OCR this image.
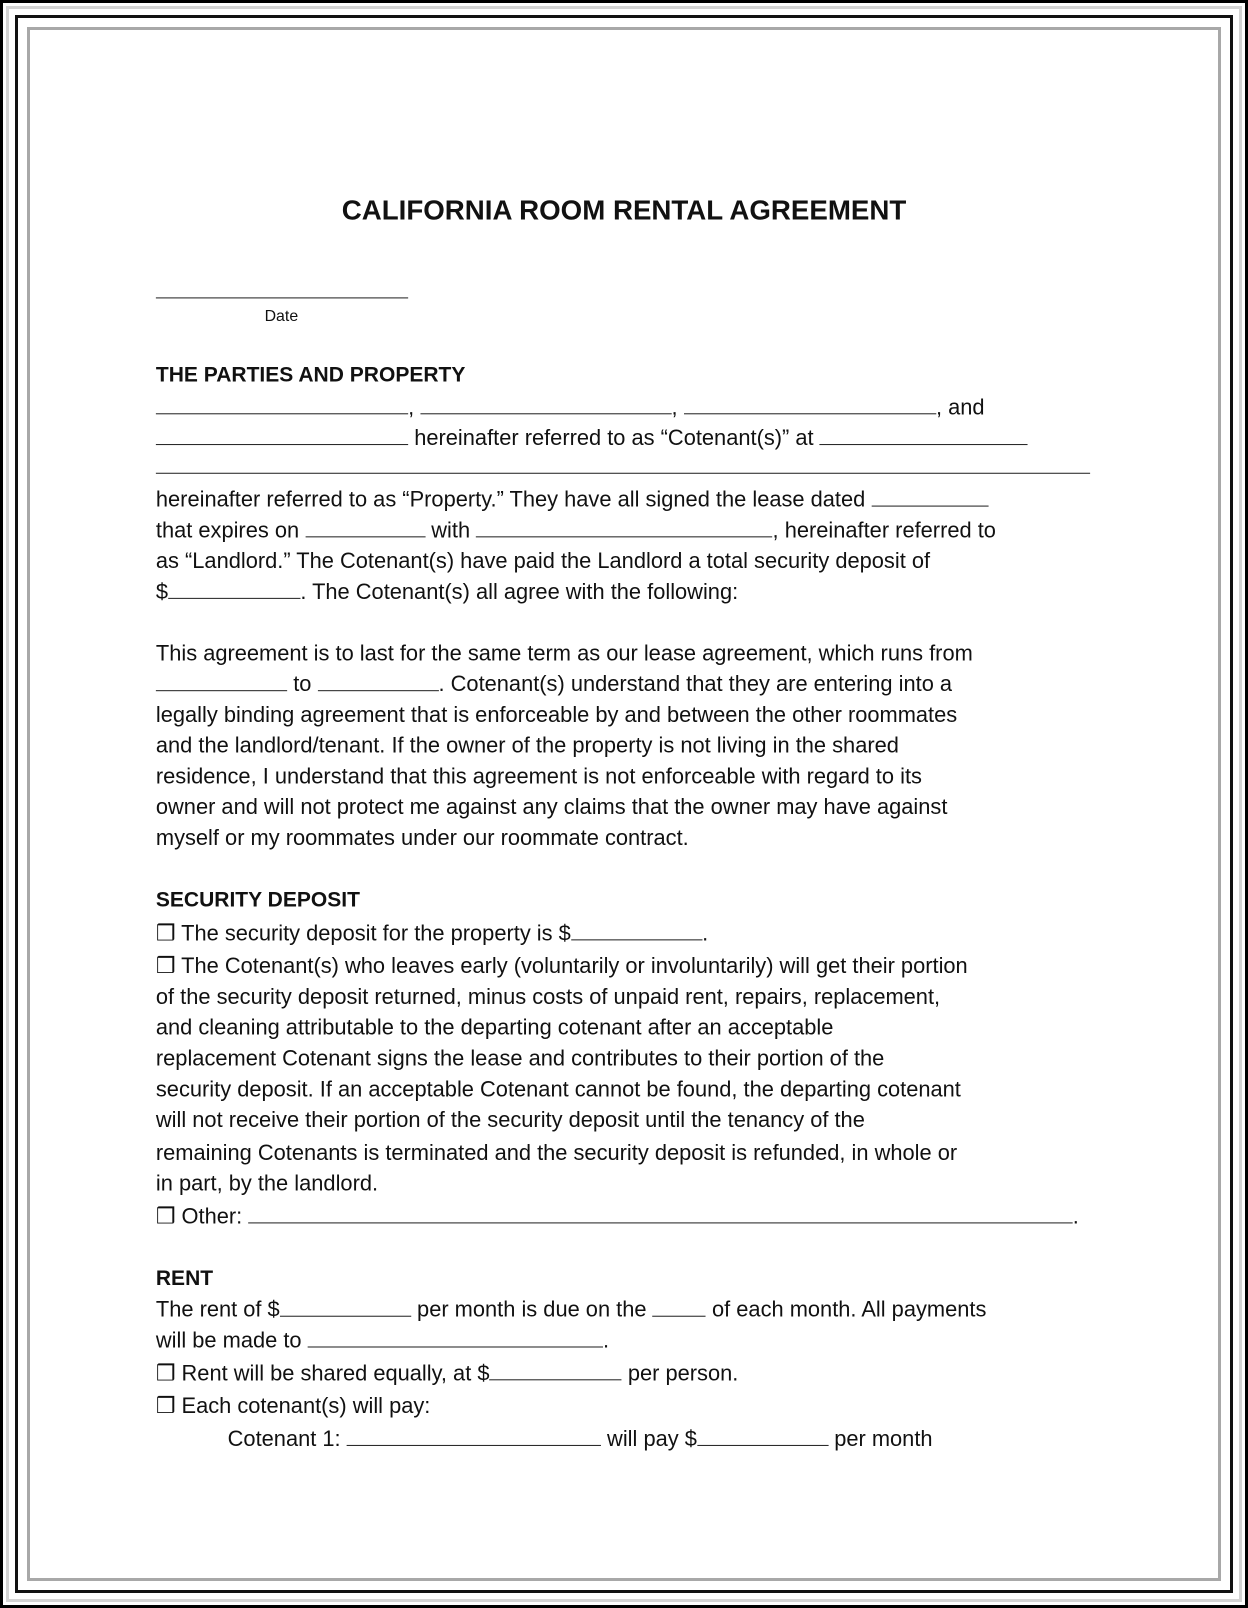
CALIFORNIA ROOM RENTAL AGREEMENT
Date
THE PARTIES AND PROPERTY
,	,	, and
hereinafter referred to as “Cotenant(s)” at
hereinafter referred to as “Property.” They have all signed the lease dated
that expires on	with	, hereinafter referred to
as “Landlord.” The Cotenant(s) have paid the Landlord a total security deposit of
$	. The Cotenant(s) all agree with the following:
This agreement is to last for the same term as our lease agreement, which runs from
to	. Cotenant(s) understand that they are entering into a
legally binding agreement that is enforceable by and between the other roommates
and the landlord/tenant. If the owner of the property is not living in the shared
residence, I understand that this agreement is not enforceable with regard to its
owner and will not protect me against any claims that the owner may have against
myself or my roommates under our roommate contract.
SECURITY DEPOSIT
❒ The security deposit for the property is $	.
❒ The Cotenant(s) who leaves early (voluntarily or involuntarily) will get their portion
of the security deposit returned, minus costs of unpaid rent, repairs, replacement,
and cleaning attributable to the departing cotenant after an acceptable
replacement Cotenant signs the lease and contributes to their portion of the
security deposit. If an acceptable Cotenant cannot be found, the departing cotenant
will not receive their portion of the security deposit until the tenancy of the
remaining Cotenants is terminated and the security deposit is refunded, in whole or
in part, by the landlord.
❒ Other:	.
RENT
The rent of $	per month is due on the	of each month. All payments
will be made to	.
❒ Rent will be shared equally, at $	per person.
❒ Each cotenant(s) will pay:
Cotenant 1:	will pay $	per month
